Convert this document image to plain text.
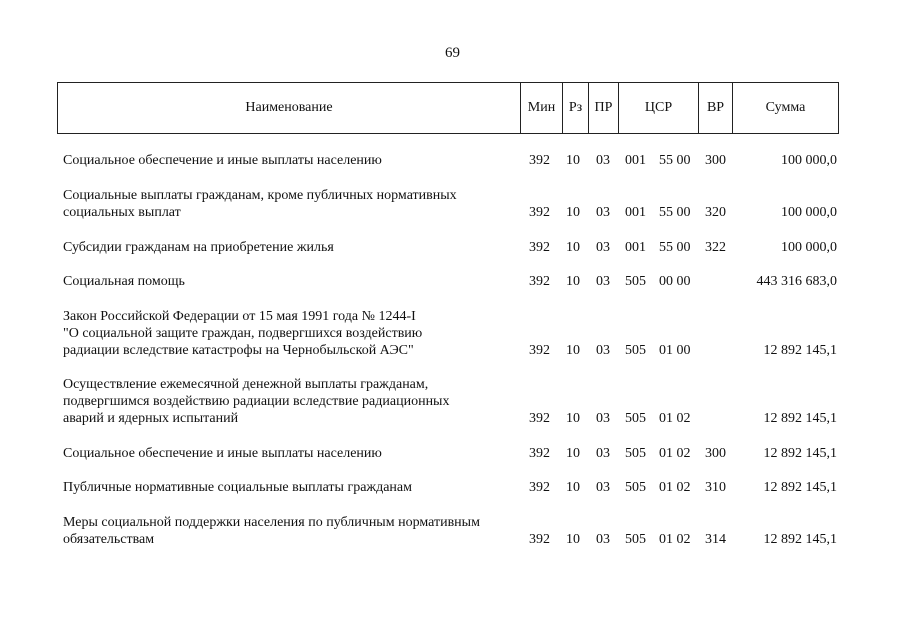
69
Наименование	Мин Рз ПР	ЦСР	ВР	Сумма
Социальное обеспечение и иные выплаты населению	392 10 03 001 55 00 300	100 000,0
Социальные выплаты гражданам, кроме публичных нормативных
социальных выплат	392 10 03 001 55 00 320	100 000,0
Субсидии гражданам на приобретение жилья	392 10 03 001 55 00 322	100 000,0
Социальная помощь	392 10 03 505 00 00	443 316 683,0
Закон Российской Федерации от 15 мая 1991 года № 1244-I
"О социальной защите граждан, подвергшихся воздействию
радиации вследствие катастрофы на Чернобыльской АЭС"	392 10 03 505 01 00	12 892 145,1
Осуществление ежемесячной денежной выплаты гражданам,
подвергшимся воздействию радиации вследствие радиационных
аварий и ядерных испытаний	392 10 03 505 01 02	12 892 145,1
Социальное обеспечение и иные выплаты населению	392 10 03 505 01 02 300	12 892 145,1
Публичные нормативные социальные выплаты гражданам	392 10 03 505 01 02 310	12 892 145,1
Меры социальной поддержки населения по публичным нормативным
обязательствам	392 10 03 505 01 02 314	12 892 145,1
